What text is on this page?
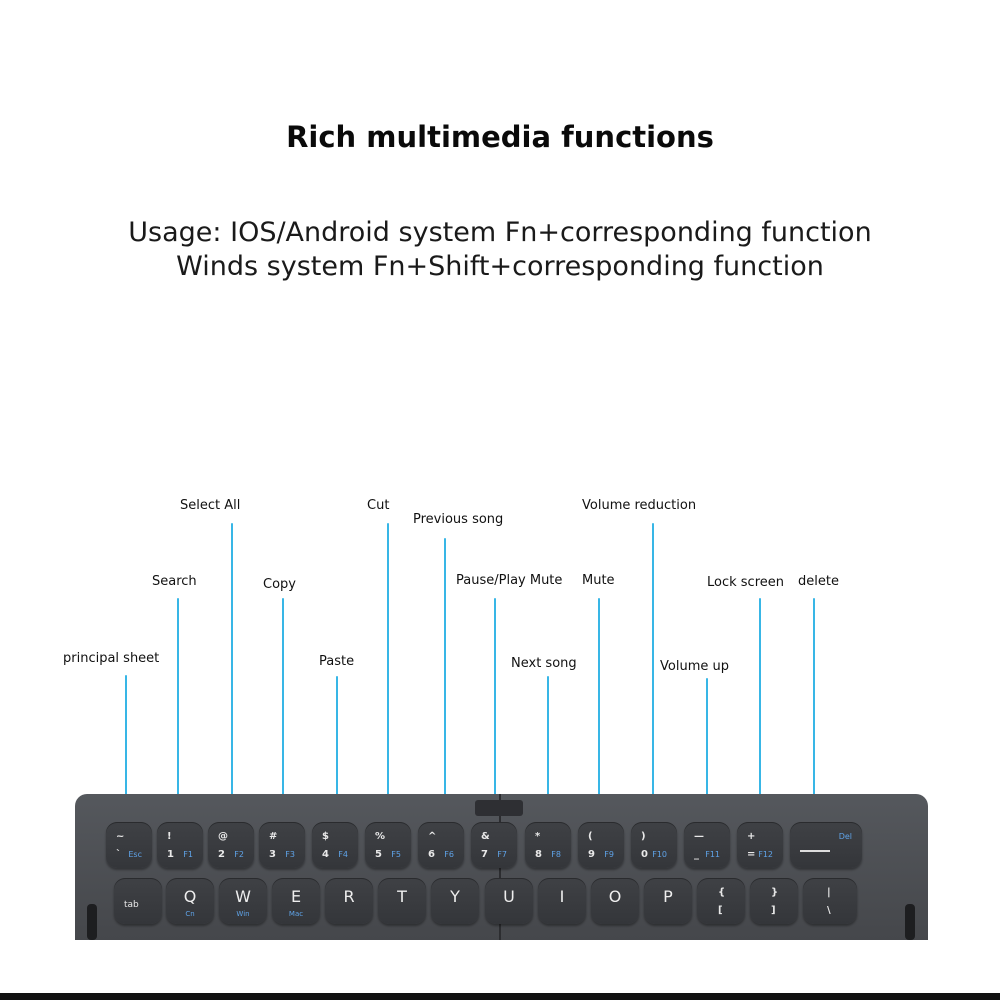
Rich multimedia functions
Usage: IOS/Android system Fn+corresponding function
Winds system Fn+Shift+corresponding function
principal sheet
Search
Select All
Copy
Paste
Cut
Previous song
Pause/Play Mute
Next song
Mute
Volume reduction
Volume up
Lock screen delete
~
` Esc
!
1 F1
@
2 F2
#
3 F3
$
4 F4
%
5 F5
^
6 F6
&
7 F7
*
8 F8
(
9 F9
)
0 F10
—
_ F11
+
= F12
Del
tab	Q
Cn
W
Win
E
Mac
R	T	Y	U	I	O	P	{
[
}
]
|
\
